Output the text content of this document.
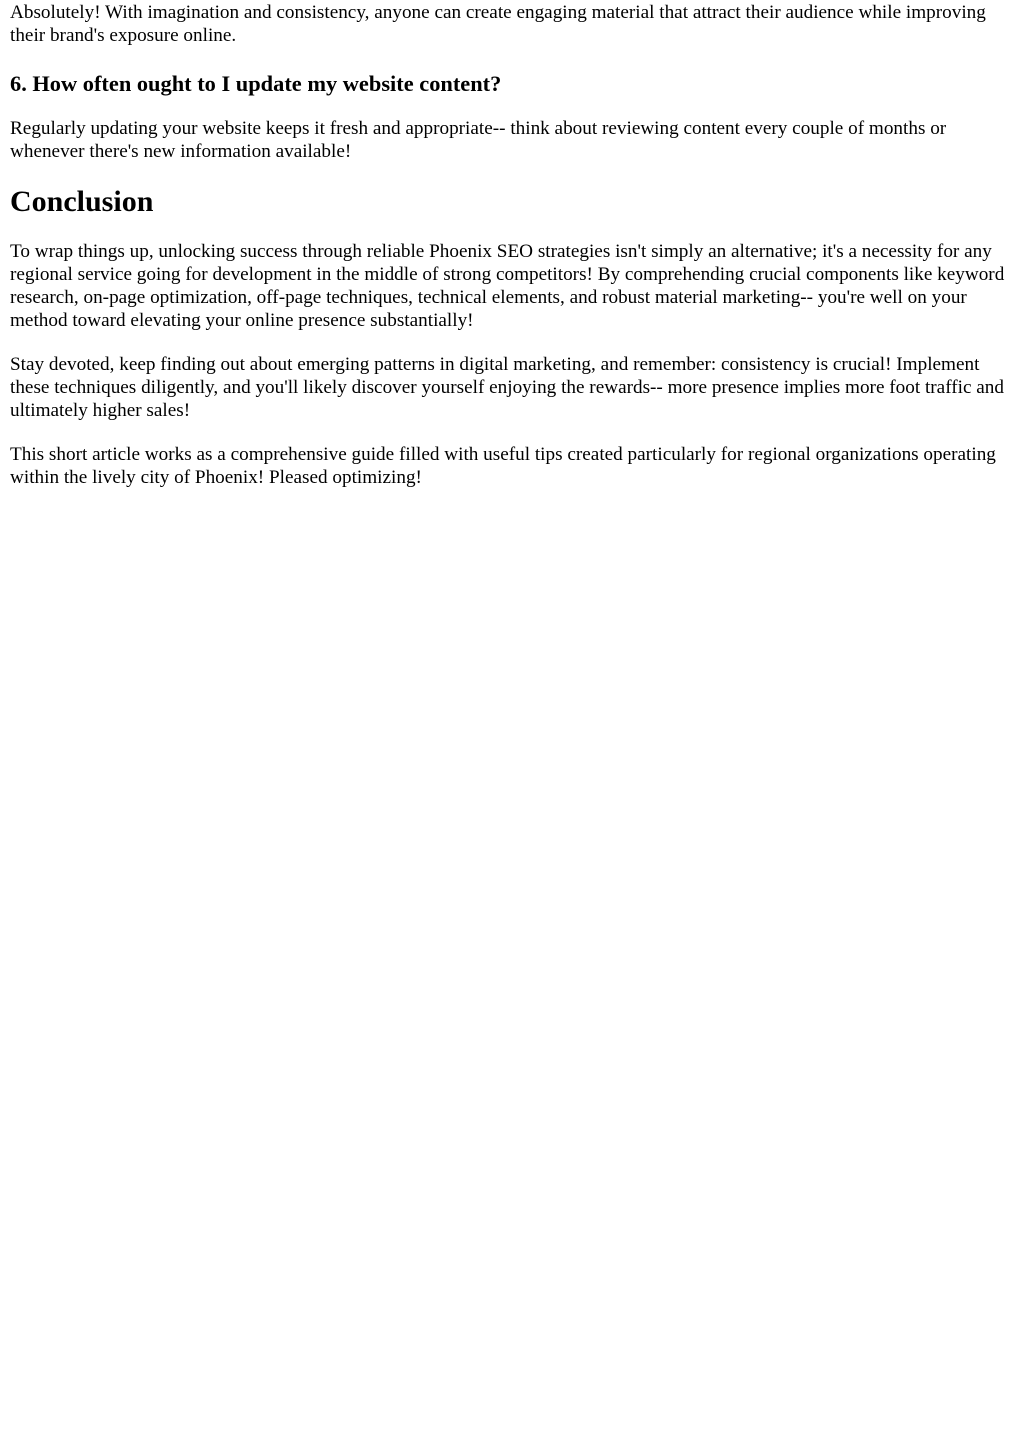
Absolutely! With imagination and consistency, anyone can create engaging material that attract their audience while improving their brand's exposure online.

6. How often ought to I update my website content?

Regularly updating your website keeps it fresh and appropriate-- think about reviewing content every couple of months or whenever there's new information available!

Conclusion

To wrap things up, unlocking success through reliable Phoenix SEO strategies isn't simply an alternative; it's a necessity for any regional service going for development in the middle of strong competitors! By comprehending crucial components like keyword research, on-page optimization, off-page techniques, technical elements, and robust material marketing-- you're well on your method toward elevating your online presence substantially!

Stay devoted, keep finding out about emerging patterns in digital marketing, and remember: consistency is crucial! Implement these techniques diligently, and you'll likely discover yourself enjoying the rewards-- more presence implies more foot traffic and ultimately higher sales!

This short article works as a comprehensive guide filled with useful tips created particularly for regional organizations operating within the lively city of Phoenix! Pleased optimizing!
